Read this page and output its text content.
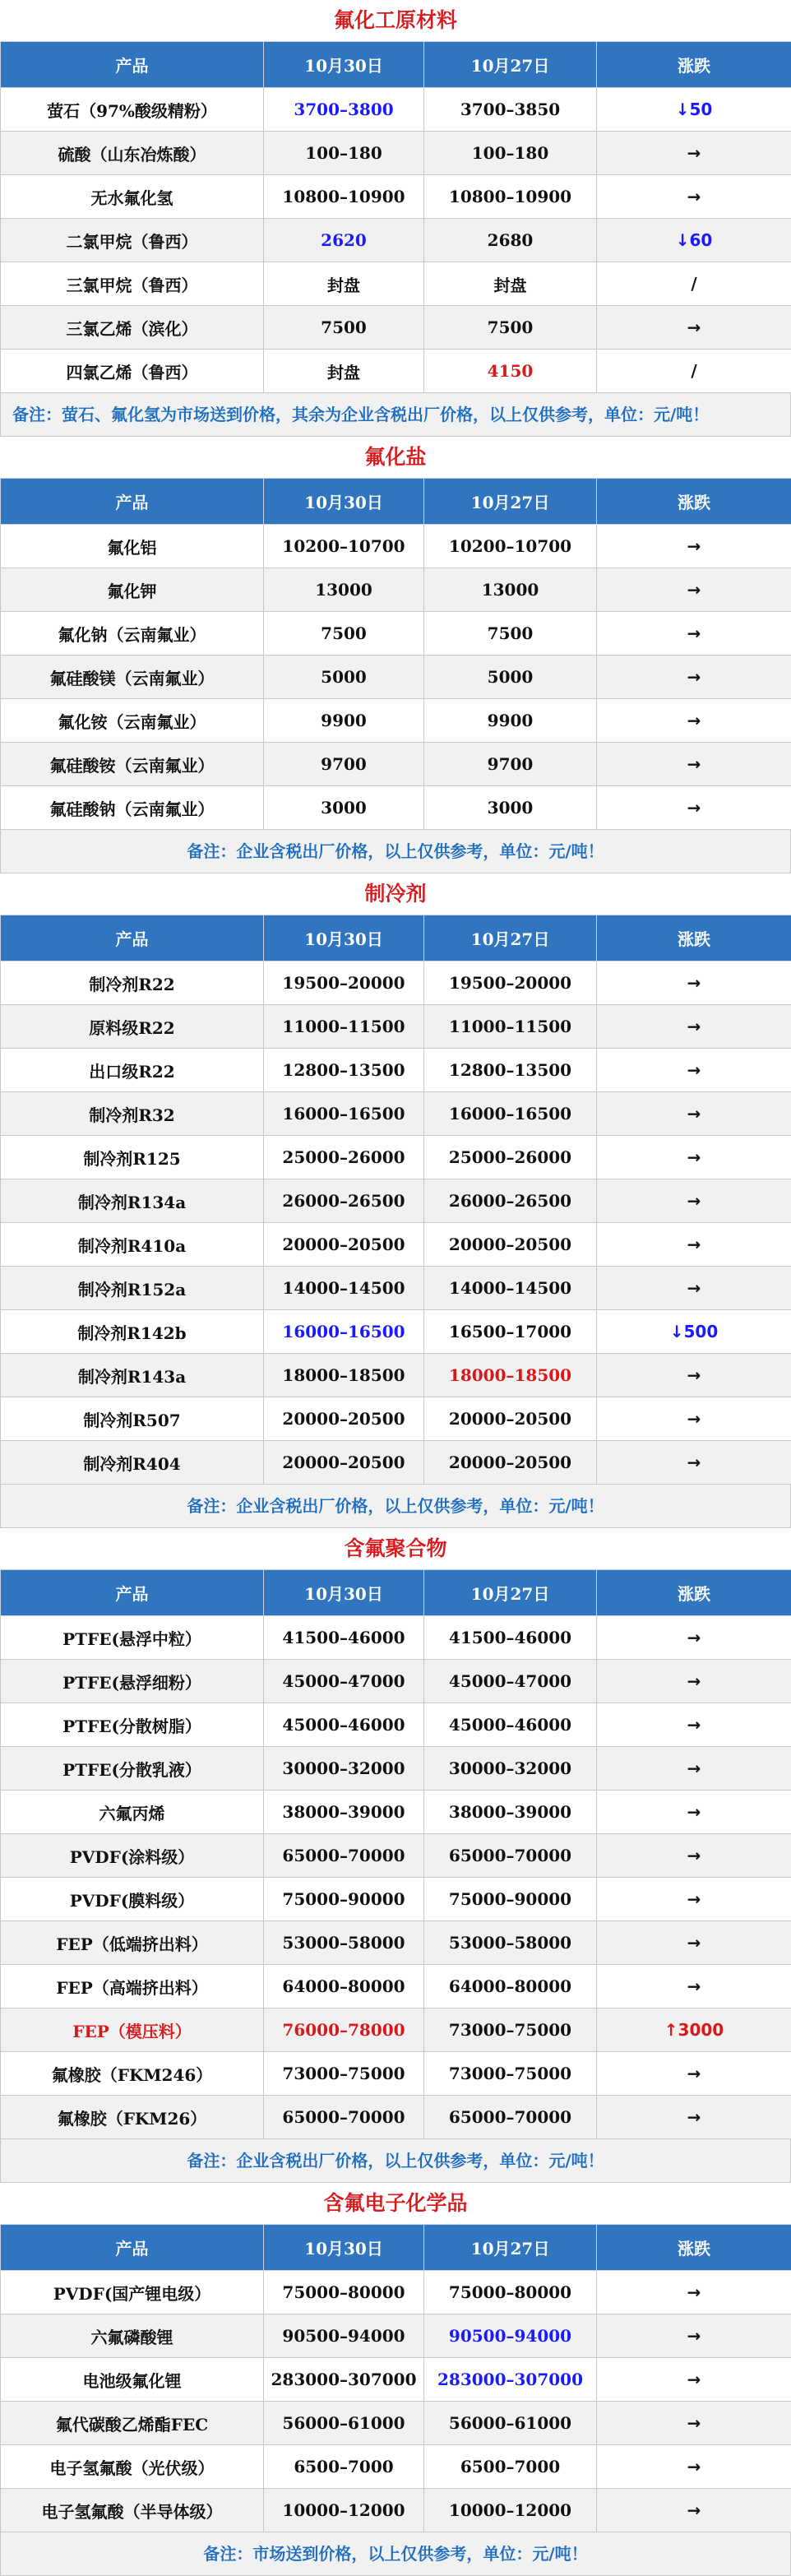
氟化工原材料
产品	10月30日	10月27日	涨跌
萤石（97%酸级精粉）	3700–3800	3700–3850	↓50
硫酸（山东冶炼酸）	100–180	100–180	→
无水氟化氢	10800–10900	10800–10900	→
二氯甲烷（鲁西）	2620	2680	↓60
三氯甲烷（鲁西）	封盘	封盘	/
三氯乙烯（滨化）	7500	7500	→
四氯乙烯（鲁西）	封盘	4150	/
备注：萤石、氟化氢为市场送到价格，其余为企业含税出厂价格，以上仅供参考，单位：元/吨！
氟化盐
产品	10月30日	10月27日	涨跌
氟化铝	10200–10700	10200–10700	→
氟化钾	13000	13000	→
氟化钠（云南氟业）	7500	7500	→
氟硅酸镁（云南氟业）	5000	5000	→
氟化铵（云南氟业）	9900	9900	→
氟硅酸铵（云南氟业）	9700	9700	→
氟硅酸钠（云南氟业）	3000	3000	→
备注：企业含税出厂价格，以上仅供参考，单位：元/吨！
制冷剂
产品	10月30日	10月27日	涨跌
制冷剂R22	19500–20000	19500–20000	→
原料级R22	11000–11500	11000–11500	→
出口级R22	12800–13500	12800–13500	→
制冷剂R32	16000–16500	16000–16500	→
制冷剂R125	25000–26000	25000–26000	→
制冷剂R134a	26000–26500	26000–26500	→
制冷剂R410a	20000–20500	20000–20500	→
制冷剂R152a	14000–14500	14000–14500	→
制冷剂R142b	16000–16500	16500–17000	↓500
制冷剂R143a	18000–18500	18000–18500	→
制冷剂R507	20000–20500	20000–20500	→
制冷剂R404	20000–20500	20000–20500	→
备注：企业含税出厂价格，以上仅供参考，单位：元/吨！
含氟聚合物
产品	10月30日	10月27日	涨跌
PTFE(悬浮中粒）	41500–46000	41500–46000	→
PTFE(悬浮细粉）	45000–47000	45000–47000	→
PTFE(分散树脂）	45000–46000	45000–46000	→
PTFE(分散乳液）	30000–32000	30000–32000	→
六氟丙烯	38000–39000	38000–39000	→
PVDF(涂料级）	65000–70000	65000–70000	→
PVDF(膜料级）	75000–90000	75000–90000	→
FEP（低端挤出料）	53000–58000	53000–58000	→
FEP（高端挤出料）	64000–80000	64000–80000	→
FEP（模压料）	76000–78000	73000–75000	↑3000
氟橡胶（FKM246）	73000–75000	73000–75000	→
氟橡胶（FKM26）	65000–70000	65000–70000	→
备注：企业含税出厂价格，以上仅供参考，单位：元/吨！
含氟电子化学品
产品	10月30日	10月27日	涨跌
PVDF(国产锂电级）	75000–80000	75000–80000	→
六氟磷酸锂	90500–94000	90500–94000	→
电池级氟化锂	283000–307000	283000–307000	→
氟代碳酸乙烯酯FEC	56000–61000	56000–61000	→
电子氢氟酸（光伏级）	6500–7000	6500–7000	→
电子氢氟酸（半导体级）	10000–12000	10000–12000	→
备注：市场送到价格，以上仅供参考，单位：元/吨！
